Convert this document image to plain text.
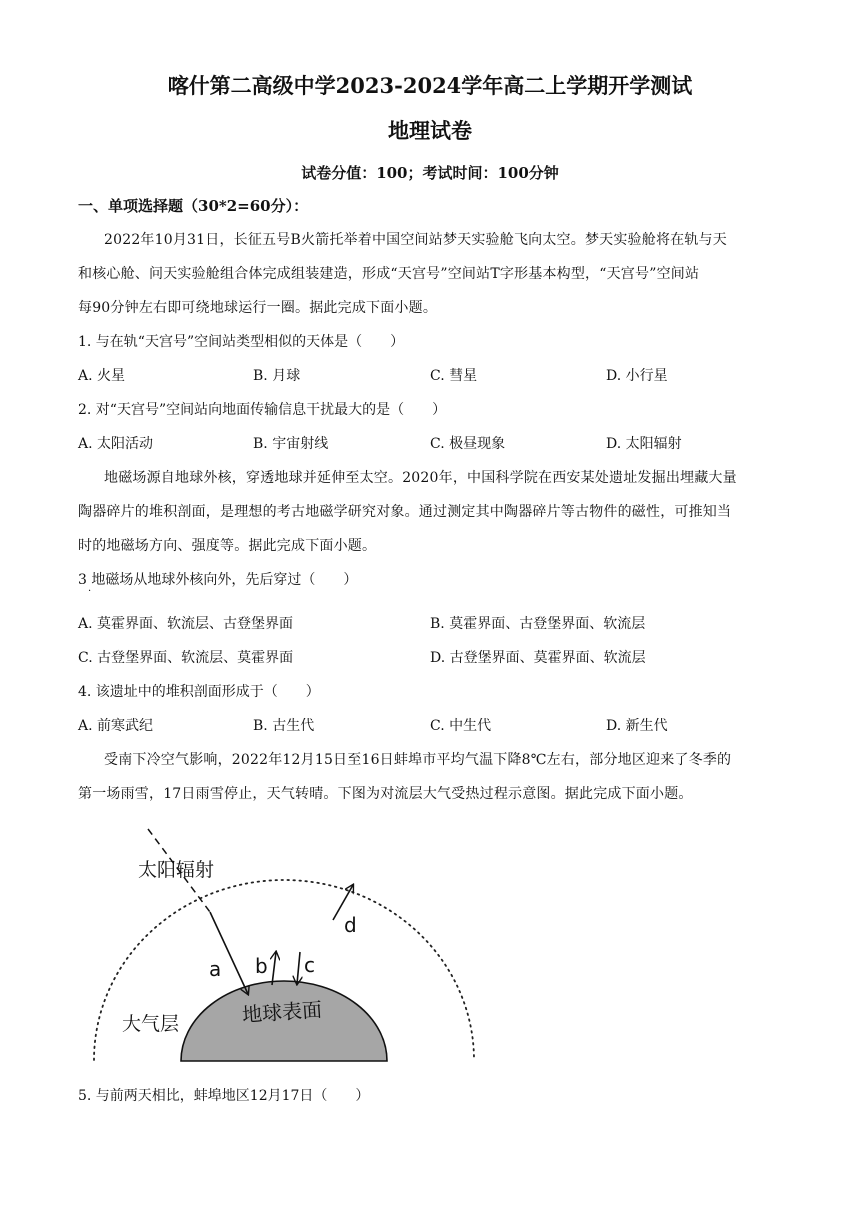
喀什第二高级中学2023-2024学年高二上学期开学测试
地理试卷
试卷分值：100；考试时间：100分钟
一、单项选择题（30*2=60分）：
2022年10月31日，长征五号B火箭托举着中国空间站梦天实验舱飞向太空。梦天实验舱将在轨与天
和核心舱、问天实验舱组合体完成组装建造，形成“天宫号”空间站T字形基本构型，“天宫号”空间站
每90分钟左右即可绕地球运行一圈。据此完成下面小题。
1. 与在轨“天宫号”空间站类型相似的天体是（　　）
A. 火星	B. 月球	C. 彗星	D. 小行星
2. 对“天宫号”空间站向地面传输信息干扰最大的是（　　）
A. 太阳活动	B. 宇宙射线	C. 极昼现象	D. 太阳辐射
地磁场源自地球外核，穿透地球并延伸至太空。2020年，中国科学院在西安某处遗址发掘出埋藏大量
陶器碎片的堆积剖面，是理想的考古地磁学研究对象。通过测定其中陶器碎片等古物件的磁性，可推知当
时的地磁场方向、强度等。据此完成下面小题。
3 地磁场从地球外核向外，先后穿过（　　）
·
A. 莫霍界面、软流层、古登堡界面	B. 莫霍界面、古登堡界面、软流层
C. 古登堡界面、软流层、莫霍界面	D. 古登堡界面、莫霍界面、软流层
4. 该遗址中的堆积剖面形成于（　　）
A. 前寒武纪	B. 古生代	C. 中生代	D. 新生代
受南下冷空气影响，2022年12月15日至16日蚌埠市平均气温下降8℃左右，部分地区迎来了冬季的
第一场雨雪，17日雨雪停止，天气转晴。下图为对流层大气受热过程示意图。据此完成下面小题。
太阳辐射
大气层	地球表面
a b c
d
5. 与前两天相比，蚌埠地区12月17日（　　）
